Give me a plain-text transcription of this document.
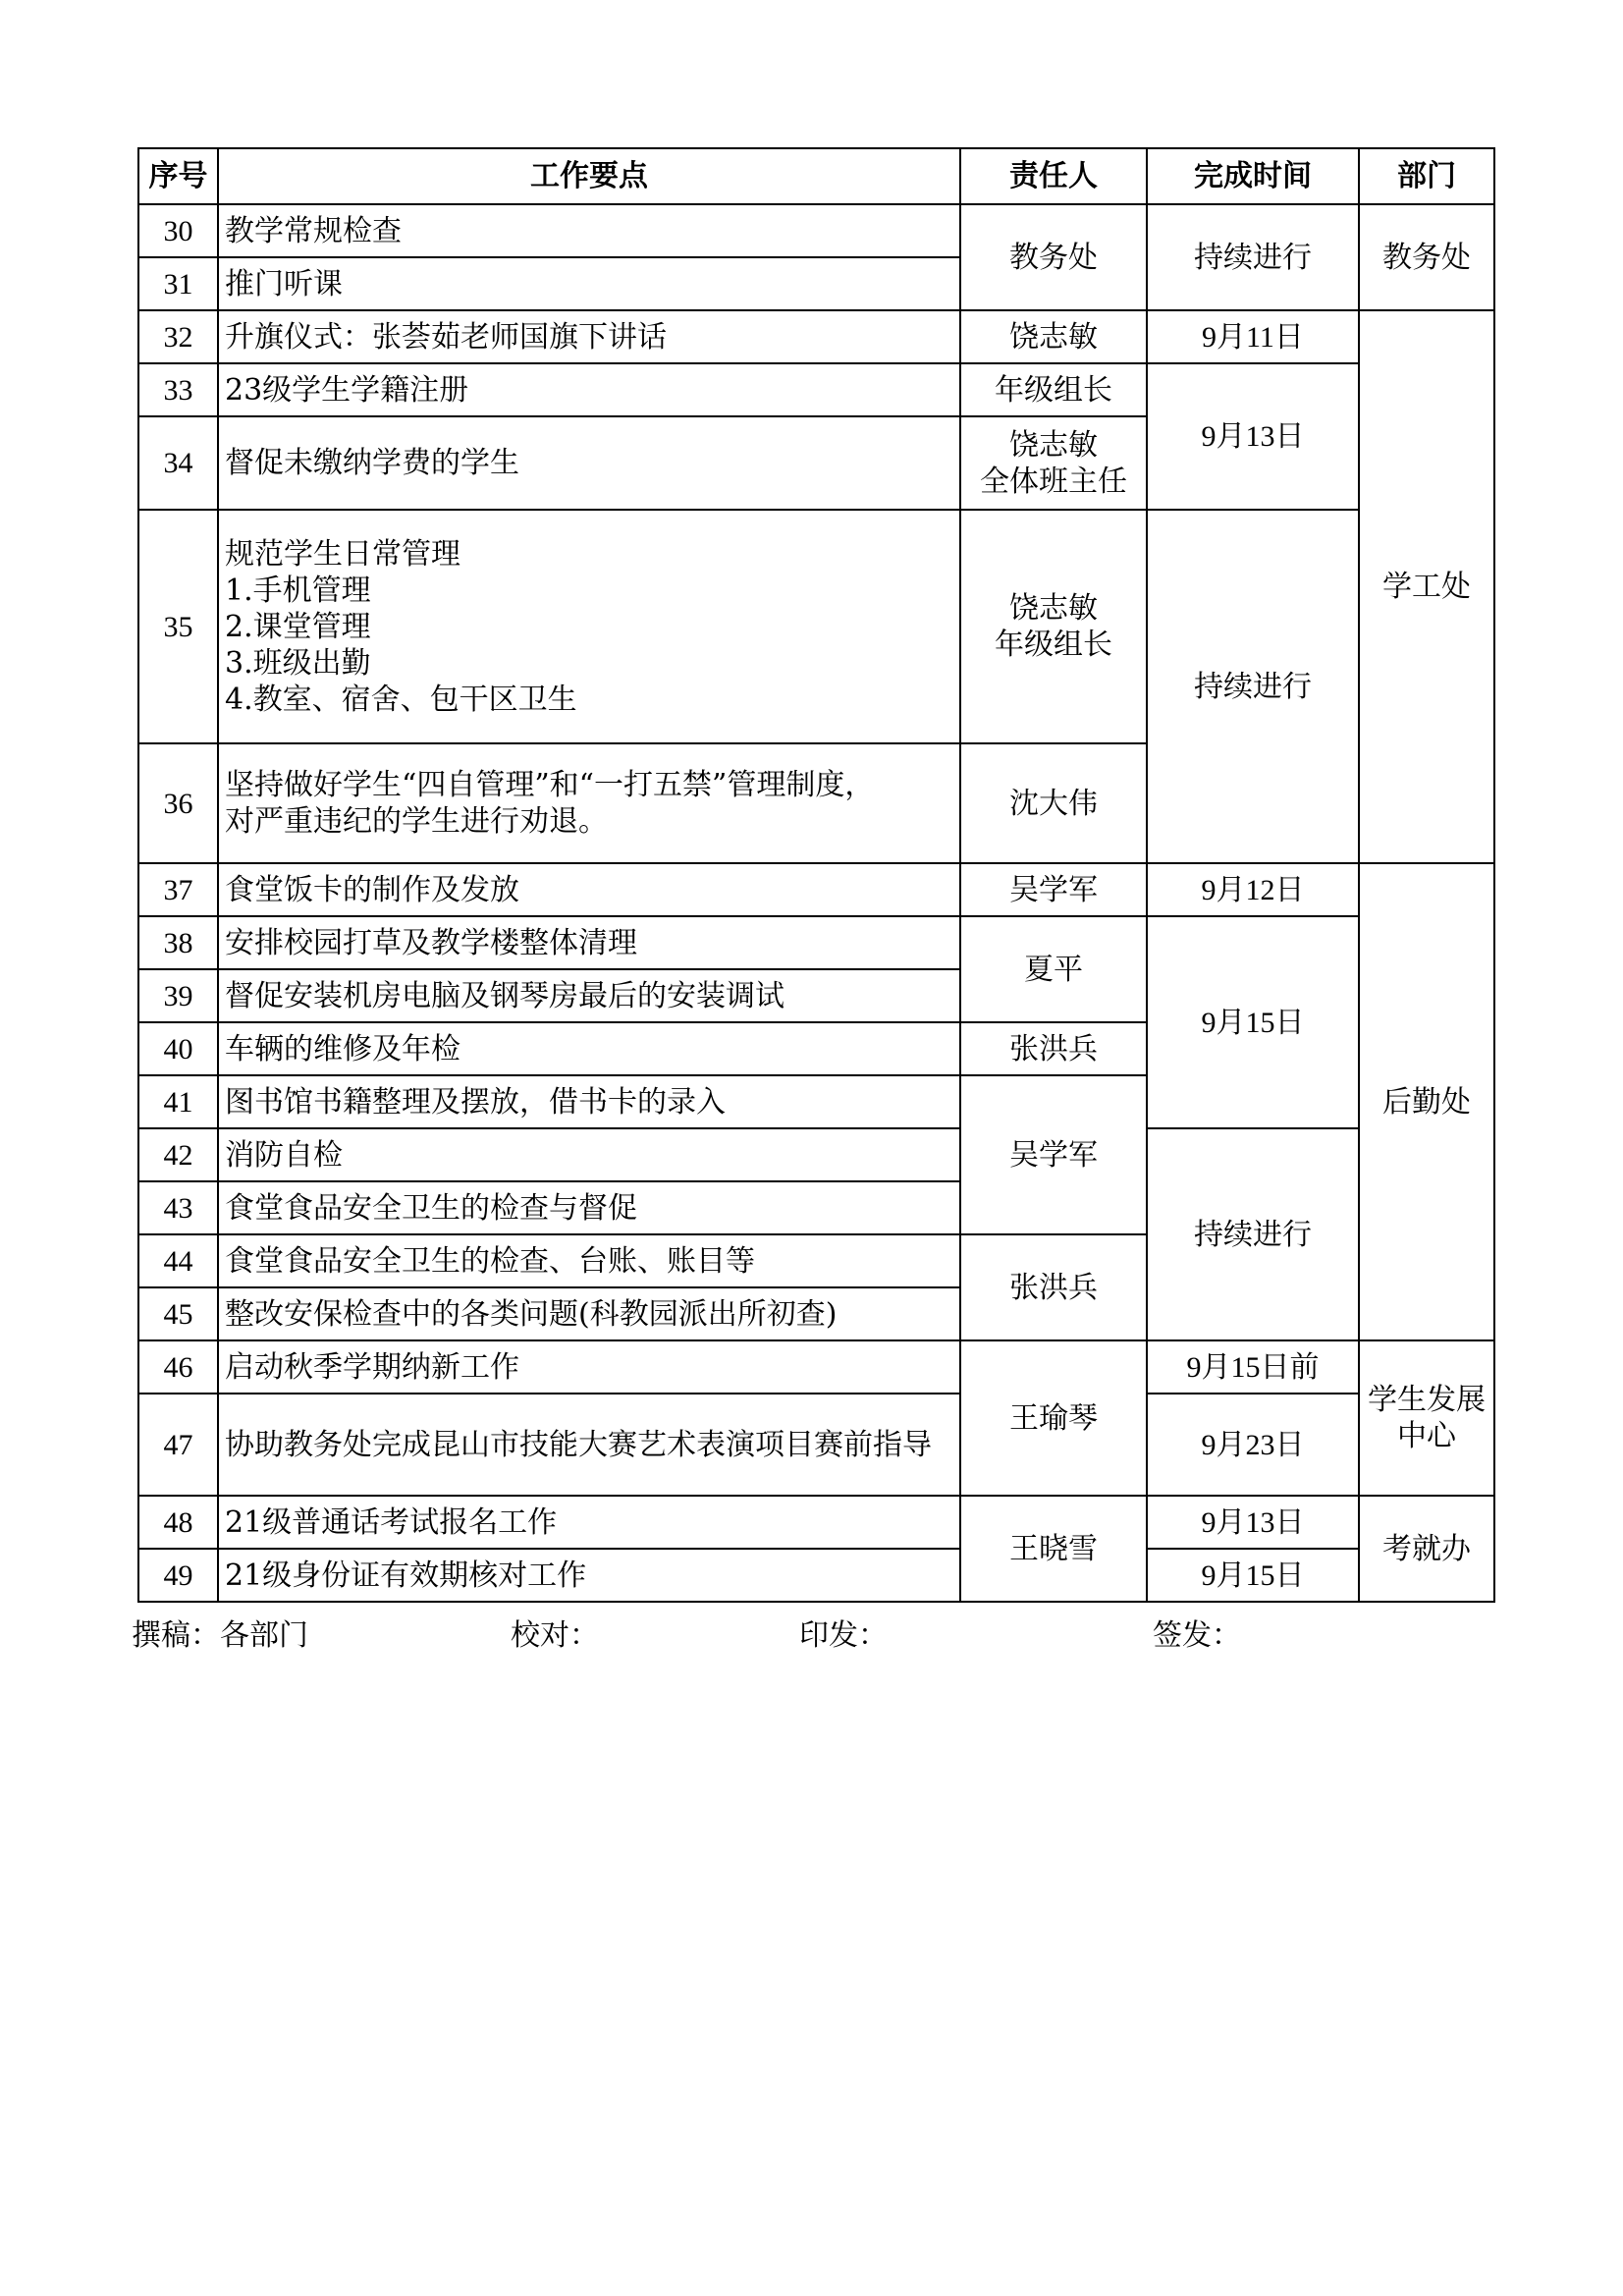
序号	工作要点	责任人	完成时间	部门
30	教学常规检查	教务处	持续进行	教务处
31	推门听课			
32	升旗仪式：张荟茹老师国旗下讲话	饶志敏	9月11日	学工处
33	23级学生学籍注册	年级组长	9月13日	
34	督促未缴纳学费的学生	饶志敏
全体班主任		
35	规范学生日常管理
1.手机管理
2.课堂管理
3.班级出勤
4.教室、宿舍、包干区卫生	饶志敏
年级组长	持续进行	
36	坚持做好学生“四自管理”和“一打五禁”管理制度，
对严重违纪的学生进行劝退。	沈大伟		
37	食堂饭卡的制作及发放	吴学军	9月12日	后勤处
38	安排校园打草及教学楼整体清理	夏平	9月15日	
39	督促安装机房电脑及钢琴房最后的安装调试			
40	车辆的维修及年检	张洪兵		
41	图书馆书籍整理及摆放，借书卡的录入	吴学军		
42	消防自检		持续进行	
43	食堂食品安全卫生的检查与督促			
44	食堂食品安全卫生的检查、台账、账目等	张洪兵		
45	整改安保检查中的各类问题(科教园派出所初查)			
46	启动秋季学期纳新工作	王瑜琴	9月15日前	学生发展
中心
47	协助教务处完成昆山市技能大赛艺术表演项目赛前指导		9月23日	
48	21级普通话考试报名工作	王晓雪	9月13日	考就办
49	21级身份证有效期核对工作		9月15日	
撰稿：各部门	校对：	印发：	签发：
